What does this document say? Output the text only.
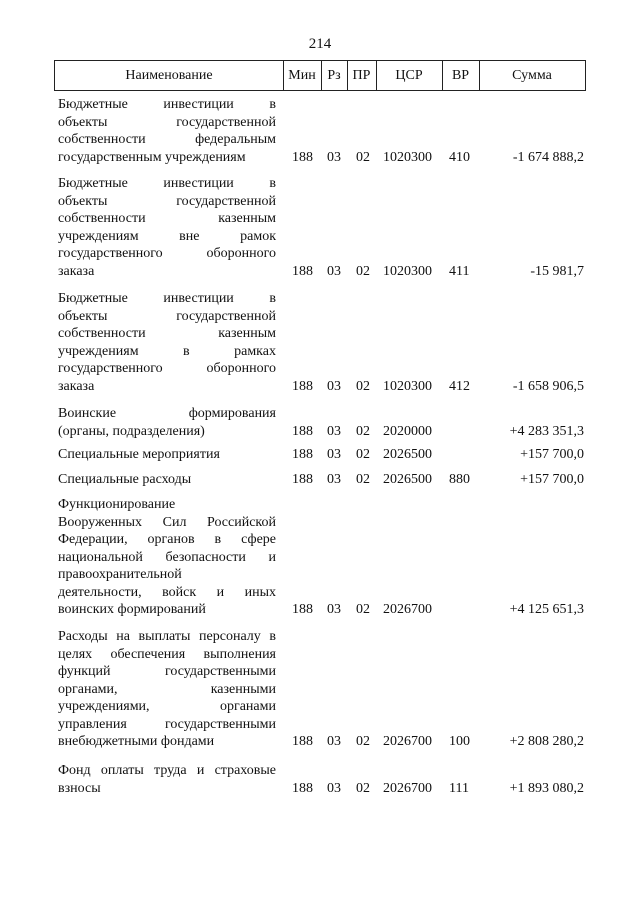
214
Наименование	Мин Рз ПР	ЦСР	ВР	Сумма
Бюджетные инвестиции в
объекты государственной
собственности федеральным
государственным учреждениям	188 03 02 1020300 410	-1 674 888,2
Бюджетные инвестиции в
объекты государственной
собственности казенным
учреждениям вне рамок
государственного оборонного
заказа	188 03 02 1020300 411	-15 981,7
Бюджетные инвестиции в
объекты государственной
собственности казенным
учреждениям в рамках
государственного оборонного
заказа	188 03 02 1020300 412	-1 658 906,5
Воинские формирования
(органы, подразделения)	188 03 02 2020000	+4 283 351,3
Специальные мероприятия	188 03 02 2026500	+157 700,0
Специальные расходы	188 03 02 2026500 880	+157 700,0
Функционирование
Вооруженных Сил Российской
Федерации, органов в сфере
национальной безопасности и
правоохранительной
деятельности, войск и иных
воинских формирований	188 03 02 2026700	+4 125 651,3
Расходы на выплаты персоналу в
целях обеспечения выполнения
функций государственными
органами, казенными
учреждениями, органами
управления государственными
внебюджетными фондами	188 03 02 2026700 100	+2 808 280,2
Фонд оплаты труда и страховые
взносы	188 03 02 2026700 111	+1 893 080,2
